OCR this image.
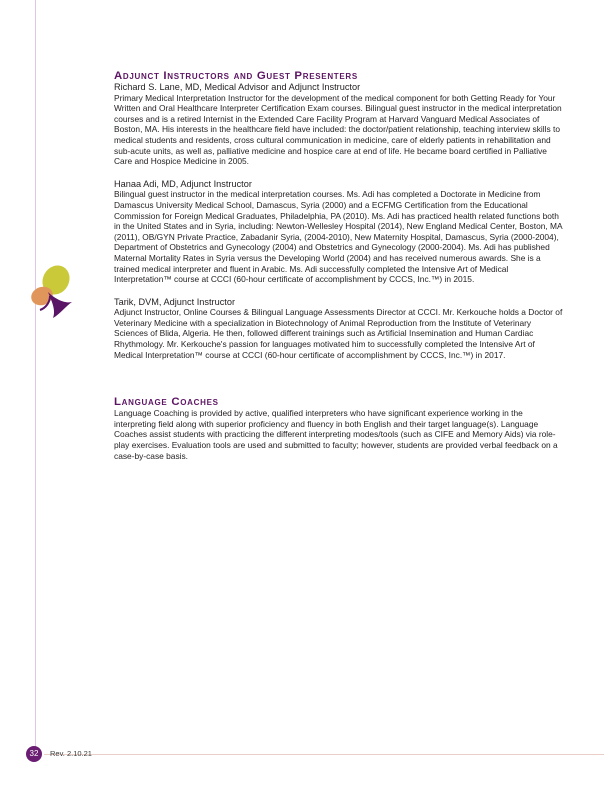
Adjunct Instructors and Guest Presenters

Richard S. Lane, MD, Medical Advisor and Adjunct Instructor

Primary Medical Interpretation Instructor for the development of the medical component for both Getting Ready for Your Written and Oral Healthcare Interpreter Certification Exam courses. Bilingual guest instructor in the medical interpretation courses and is a retired Internist in the Extended Care Facility Program at Harvard Vanguard Medical Associates of Boston, MA. His interests in the healthcare field have included: the doctor/patient relationship, teaching interview skills to medical students and residents, cross cultural communication in medicine, care of elderly patients in rehabilitation and sub-acute units, as well as, palliative medicine and hospice care at end of life. He became board certified in Palliative Care and Hospice Medicine in 2005.

Hanaa Adi, MD, Adjunct Instructor

Bilingual guest instructor in the medical interpretation courses. Ms. Adi has completed a Doctorate in Medicine from Damascus University Medical School, Damascus, Syria (2000) and a ECFMG Certification from the Educational Commission for Foreign Medical Graduates, Philadelphia, PA (2010). Ms. Adi has practiced health related functions both in the United States and in Syria, including: Newton-Wellesley Hospital (2014), New England Medical Center, Boston, MA (2011), OB/GYN Private Practice, Zabadanir Syria, (2004-2010), New Maternity Hospital, Damascus, Syria (2000-2004), Department of Obstetrics and Gynecology (2004) and Obstetrics and Gynecology (2000-2004). Ms. Adi has published Maternal Mortality Rates in Syria versus the Developing World (2004) and has received numerous awards. She is a trained medical interpreter and fluent in Arabic. Ms. Adi successfully completed the Intensive Art of Medical Interpretation™ course at CCCI (60-hour certificate of accomplishment by CCCS, Inc.™) in 2015.

Tarik, DVM, Adjunct Instructor

Adjunct Instructor, Online Courses & Bilingual Language Assessments Director at CCCI. Mr. Kerkouche holds a Doctor of Veterinary Medicine with a specialization in Biotechnology of Animal Reproduction from the Institute of Veterinary Sciences of Blida, Algeria. He then, followed different trainings such as Artificial Insemination and Human Cardiac Rhythmology. Mr. Kerkouche's passion for languages motivated him to successfully completed the Intensive Art of Medical Interpretation™ course at CCCI (60-hour certificate of accomplishment by CCCS, Inc.™) in 2017.

Language Coaches

Language Coaching is provided by active, qualified interpreters who have significant experience working in the interpreting field along with superior proficiency and fluency in both English and their target language(s). Language Coaches assist students with practicing the different interpreting modes/tools (such as CIFE and Memory Aids) via role-play exercises. Evaluation tools are used and submitted to faculty; however, students are provided verbal feedback on a case-by-case basis.

32	Rev. 2.10.21
